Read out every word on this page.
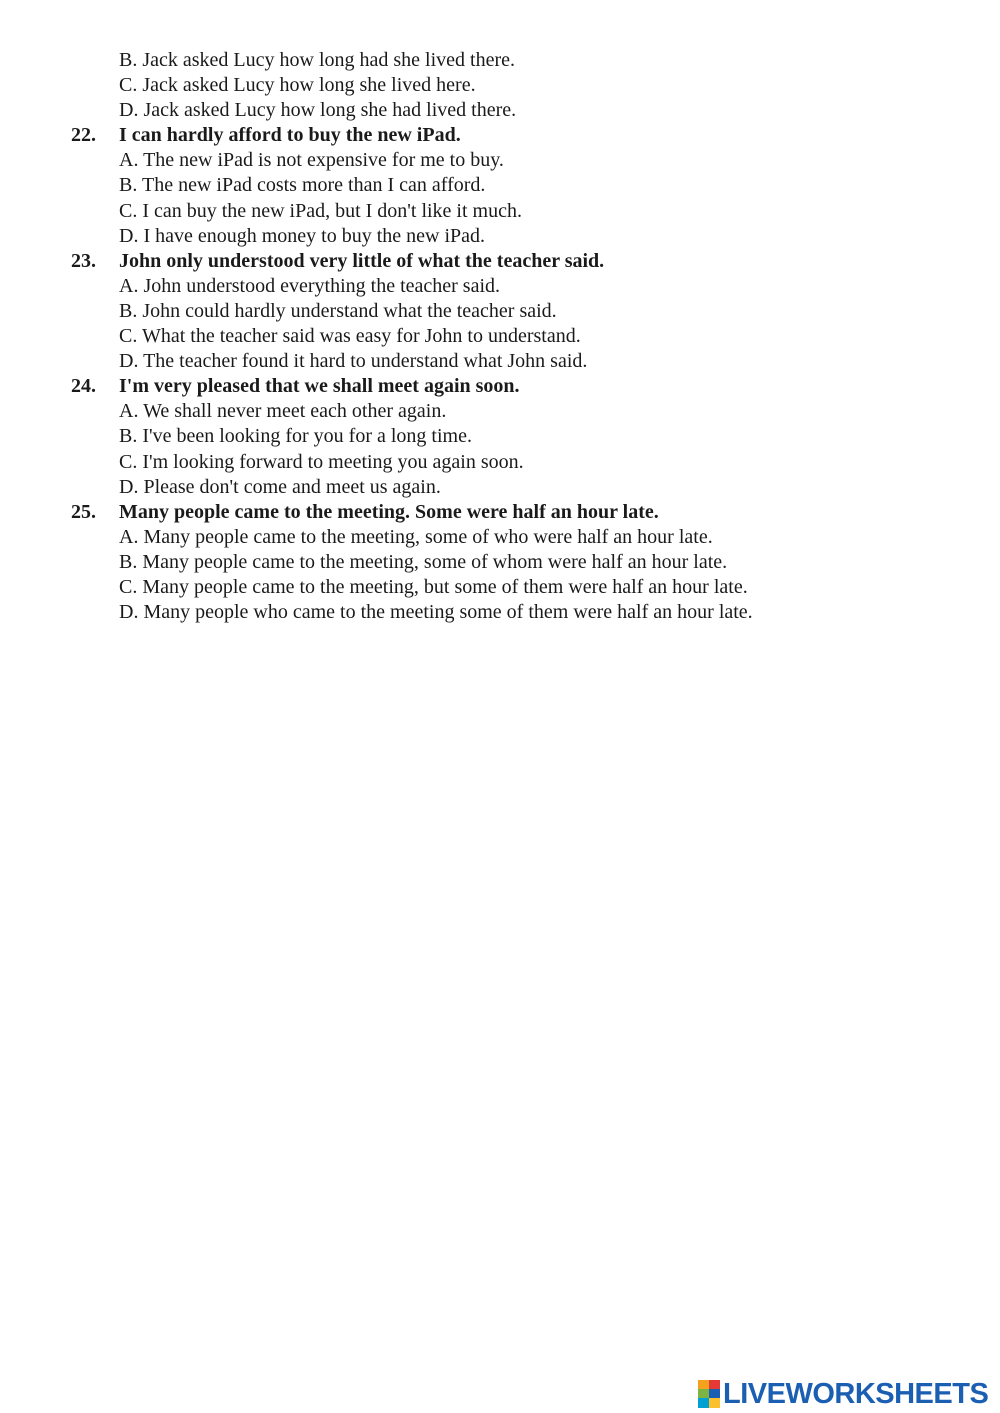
B. Jack asked Lucy how long had she lived there.
C. Jack asked Lucy how long she lived here.
D. Jack asked Lucy how long she had lived there.
22. I can hardly afford to buy the new iPad.
A. The new iPad is not expensive for me to buy.
B. The new iPad costs more than I can afford.
C. I can buy the new iPad, but I don't like it much.
D. I have enough money to buy the new iPad.
23. John only understood very little of what the teacher said.
A. John understood everything the teacher said.
B. John could hardly understand what the teacher said.
C. What the teacher said was easy for John to understand.
D. The teacher found it hard to understand what John said.
24. I'm very pleased that we shall meet again soon.
A. We shall never meet each other again.
B. I've been looking for you for a long time.
C. I'm looking forward to meeting you again soon.
D. Please don't come and meet us again.
25. Many people came to the meeting. Some were half an hour late.
A. Many people came to the meeting, some of who were half an hour late.
B. Many people came to the meeting, some of whom were half an hour late.
C. Many people came to the meeting, but some of them were half an hour late.
D. Many people who came to the meeting some of them were half an hour late.
LIVEWORKSHEETS
